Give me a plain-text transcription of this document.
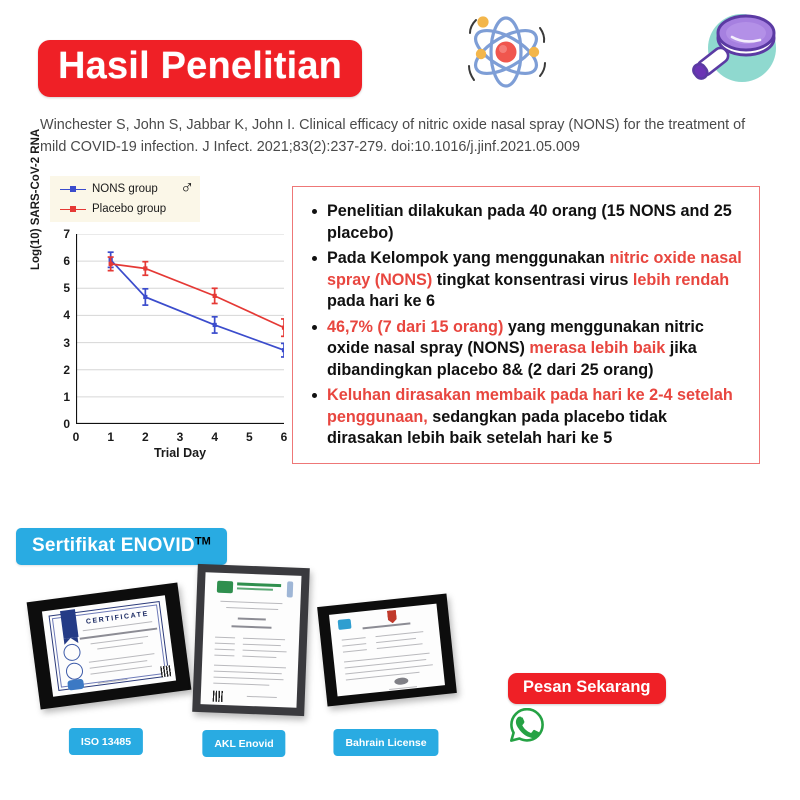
Hasil Penelitian
Winchester S, John S, Jabbar K, John I. Clinical efficacy of nitric oxide nasal spray (NONS) for the treatment of mild COVID-19 infection. J Infect. 2021;83(2):237-279. doi:10.1016/j.jinf.2021.05.009
NONS group
Placebo group
♂
Log(10) SARS-CoV-2 RNA
Trial Day
0
1
2
3
4
5
6
7
0 1 2 3 4 5 6
Penelitian dilakukan pada 40 orang (15 NONS and 25 placebo)
Pada Kelompok yang menggunakan nitric oxide nasal spray (NONS) tingkat konsentrasi virus lebih rendah pada hari ke 6
46,7% (7 dari 15 orang) yang menggunakan nitric oxide nasal spray (NONS) merasa lebih baik jika dibandingkan placebo 8& (2 dari 25 orang)
Keluhan dirasakan membaik pada hari ke 2-4 setelah penggunaan, sedangkan pada placebo tidak dirasakan lebih baik setelah hari ke 5
Sertifikat ENOVID™
CERTIFICATE
ISO 13485	AKL Enovid	Bahrain License
Pesan Sekarang
